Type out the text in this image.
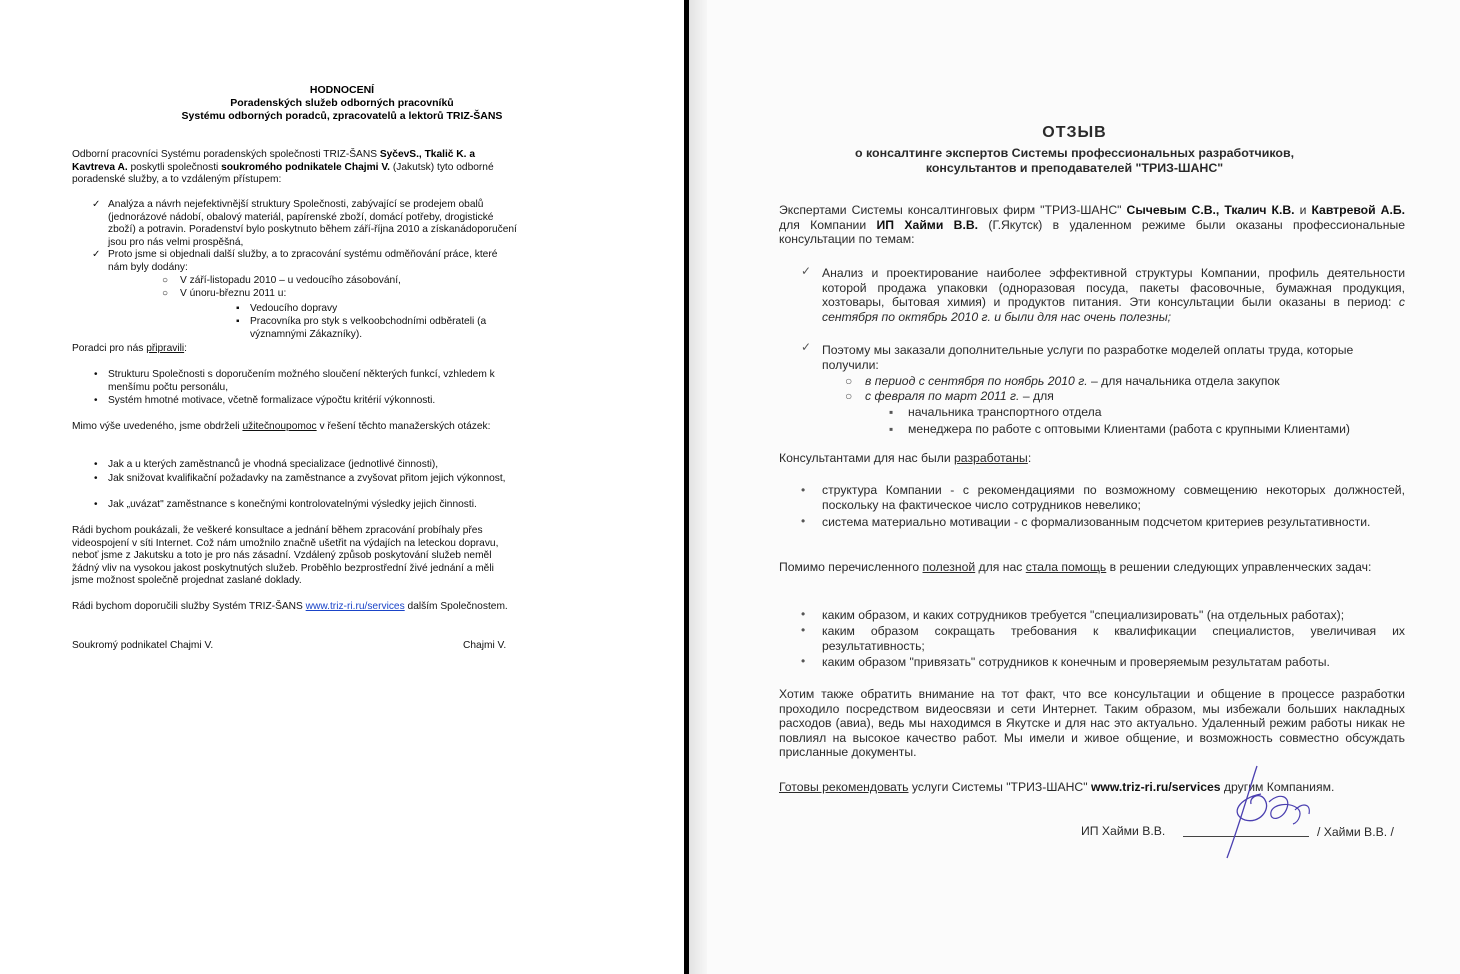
HODNOCENÍ
Poradenských služeb odborných pracovníků
Systému odborných poradců, zpracovatelů a lektorů TRIZ-ŠANS

Odborní pracovníci Systému poradenských společnosti TRIZ-ŠANS SyčevS., Tkalič K. a Kavtreva A. poskytli společnosti soukromého podnikatele Chajmi V. (Jakutsk) tyto odborné poradenské služby, a to vzdáleným přístupem:

✓ Analýza a návrh nejefektivnější struktury Společnosti, zabývající se prodejem obalů (jednorázové nádobí, obalový materiál, papírenské zboží, domácí potřeby, drogistické zboží) a potravin. Poradenství bylo poskytnuto během září-října 2010 a získanádoporučení jsou pro nás velmi prospěšná,

✓ Proto jsme si objednali další služby, a to zpracování systému odměňování práce, které nám byly dodány:

○	V září-listopadu 2010 – u vedoucího zásobování,

○	V únoru-březnu 2011 u:

▪	Vedoucího dopravy

▪	Pracovníka pro styk s velkoobchodními odběrateli (a významnými Zákazníky).

Poradci pro nás připravili:

•	Strukturu Společnosti s doporučením možného sloučení některých funkcí, vzhledem k menšímu počtu personálu,

•	Systém hmotné motivace, včetně formalizace výpočtu kritérií výkonnosti.

Mimo výše uvedeného, jsme obdrželi užitečnoupomoc v řešení těchto manažerských otázek:

•	Jak a u kterých zaměstnanců je vhodná specializace (jednotlivé činnosti),

•	Jak snižovat kvalifikační požadavky na zaměstnance a zvyšovat přitom jejich výkonnost,

•	Jak „uvázat" zaměstnance s konečnými kontrolovatelnými výsledky jejich činnosti.

Rádi bychom poukázali, že veškeré konsultace a jednání během zpracování probíhaly přes videospojení v síti Internet. Což nám umožnilo značně ušetřit na výdajích na leteckou dopravu, neboť jsme z Jakutsku a toto je pro nás zásadní. Vzdálený způsob poskytování služeb neměl žádný vliv na vysokou jakost poskytnutých služeb. Proběhlo bezprostřední živé jednání a měli jsme možnost společně projednat zaslané doklady.

Rádi bychom doporučili služby Systém TRIZ-ŠANS www.triz-ri.ru/services dalším Společnostem.

Soukromý podnikatel Chajmi V.	Chajmi V.

ОТЗЫВ
о консалтинге экспертов Системы профессиональных разработчиков,
консультантов и преподавателей "ТРИЗ-ШАНС"

Экспертами Системы консалтинговых фирм "ТРИЗ-ШАНС" Сычевым С.В., Ткалич К.В. и Кавтревой А.Б. для Компании ИП Хайми В.В. (Г.Якутск) в удаленном режиме были оказаны профессиональные консультации по темам:

✓ Анализ и проектирование наиболее эффективной структуры Компании, профиль деятельности которой продажа упаковки (одноразовая посуда, пакеты фасовочные, бумажная продукция, хозтовары, бытовая химия) и продуктов питания. Эти консультации были оказаны в период: с сентября по октябрь 2010 г. и были для нас очень полезны;

✓ Поэтому мы заказали дополнительные услуги по разработке моделей оплаты труда, которые получили:

○	в период с сентября по ноябрь 2010 г. – для начальника отдела закупок

○	с февраля по март 2011 г. – для

▪	начальника транспортного отдела

▪	менеджера по работе с оптовыми Клиентами (работа с крупными Клиентами)

Консультантами для нас были разработаны:

•	структура Компании - с рекомендациями по возможному совмещению некоторых должностей, поскольку на фактическое число сотрудников невелико;

•	система материально мотивации - с формализованным подсчетом критериев результативности.

Помимо перечисленного полезной для нас стала помощь в решении следующих управленческих задач:

•	каким образом, и каких сотрудников требуется "специализировать" (на отдельных работах);

•	каким образом сокращать требования к квалификации специалистов, увеличивая их результативность;

•	каким образом "привязать" сотрудников к конечным и проверяемым результатам работы.

Хотим также обратить внимание на тот факт, что все консультации и общение в процессе разработки проходило посредством видеосвязи и сети Интернет. Таким образом, мы избежали больших накладных расходов (авиа), ведь мы находимся в Якутске и для нас это актуально. Удаленный режим работы никак не повлиял на высокое качество работ. Мы имели и живое общение, и возможность совместно обсуждать присланные документы.

Готовы рекомендовать услуги Системы "ТРИЗ-ШАНС" www.triz-ri.ru/services другим Компаниям.

ИП Хайми В.В.	/ Хайми В.В. /
